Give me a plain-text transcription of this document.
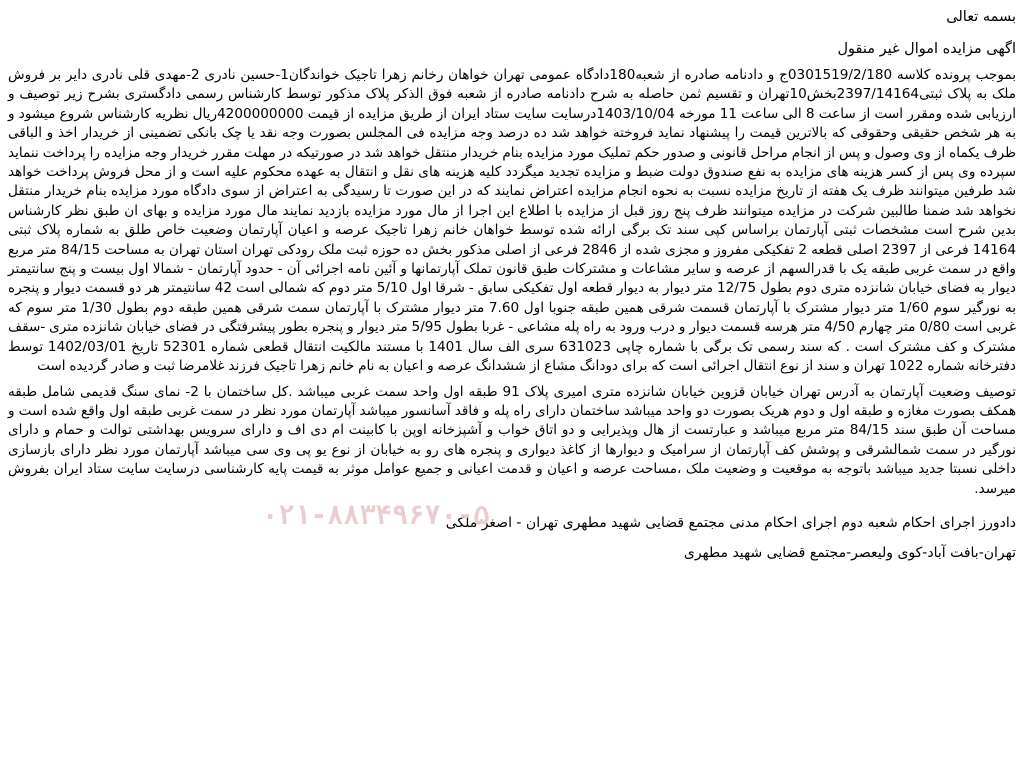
بسمه تعالی

اگهی مزایده اموال غیر منقول

بموجب پرونده کلاسه 0301519/2/180ج و دادنامه صادره از شعبه180دادگاه عمومی تهران خواهان رخانم زهرا تاجیک خواندگان1-حسین نادری 2-مهدی قلی نادری دایر بر فروش ملک به پلاک ثبتی2397/14164بخش10تهران و تقسیم ثمن حاصله به شرح دادنامه صادره از شعبه فوق الذکر پلاک مذکور توسط کارشناس رسمی دادگستری بشرح زیر توصیف و ارزیابی شده ومقرر است از ساعت 8 الی ساعت 11 مورخه 1403/10/04درسایت سایت ستاد ایران از طریق مزایده از قیمت 4200000000ریال نظریه کارشناس شروع میشود و به هر شخص حقیقی وحقوقی که بالاترین قیمت را پیشنهاد نماید فروخته خواهد شد ده درصد وجه مزایده فی المجلس بصورت وجه نقد یا چک بانکی تضمینی از خریدار اخذ و الباقی ظرف یکماه از وی وصول و پس از انجام مراحل قانونی و صدور حکم تملیک مورد مزایده بنام خریدار منتقل خواهد شد در صورتیکه در مهلت مقرر خریدار وجه مزایده را پرداخت ننماید سپرده وی پس از کسر هزینه های مزایده به نفع صندوق دولت ضبط و مزایده تجدید میگردد کلیه هزینه های نقل و انتقال به عهده محکوم علیه است و از محل فروش پرداخت خواهد شد طرفین میتوانند ظرف یک هفته از تاریخ مزایده نسبت به نحوه انجام مزایده اعتراض نمایند که در این صورت تا رسیدگی به اعتراض از سوی دادگاه مورد مزایده بنام خریدار منتقل نخواهد شد ضمنا طالبین شرکت در مزایده میتوانند ظرف پنج روز قبل از مزایده با اطلاع این اجرا از مال مورد مزایده بازدید نمایند مال مورد مزایده و بهای ان طبق نظر کارشناس بدین شرح است مشخصات ثبتی آپارتمان براساس کپی سند تک برگی ارائه شده توسط خواهان خانم زهرا تاجیک عرصه و اعیان آپارتمان وضعیت خاص طلق به شماره پلاک ثبتی 14164 فرعی از 2397 اصلی قطعه 2 تفکیکی مفروز و مجزی شده از 2846 فرعی از اصلی مذکور بخش ده حوزه ثبت ملک رودکی تهران استان تهران به مساحت 84/15 متر مربع واقع در سمت غربی طبقه یک با قدرالسهم از عرصه و سایر مشاعات و مشترکات طبق قانون تملک آپارتمانها و آئین نامه اجرائی آن - حدود آپارتمان - شمالا اول بیست و پنج سانتیمتر دیوار به فضای خیابان شانزده متری دوم بطول 12/75 متر دیوار به دیوار قطعه اول تفکیکی سابق - شرقا اول 5/10 متر دوم که شمالی است 42 سانتیمتر هر دو قسمت دیوار و پنجره به نورگیر سوم 1/60 متر دیوار مشترک با آپارتمان قسمت شرقی همین طبقه جنوبا اول 7.60 متر دیوار مشترک با آپارتمان سمت شرقی همین طبقه دوم بطول 1/30 متر سوم که غربی است 0/80 متر چهارم 4/50 متر هرسه قسمت دیوار و درب ورود به راه پله مشاعی - غربا بطول 5/95 متر دیوار و پنجره بطور پیشرفتگی در فضای خیابان شانزده متری -سقف مشترک و کف مشترک است . که سند رسمی تک برگی با شماره چاپی 631023 سری الف سال 1401 با مستند مالکیت انتقال قطعی شماره 52301 تاریخ 1402/03/01 توسط دفترخانه شماره 1022 تهران و سند از نوع انتقال اجرائی است که برای دودانگ مشاع از ششدانگ عرصه و اعیان به نام خانم زهرا تاجیک فرزند غلامرضا ثبت و صادر گردیده است

توصیف وضعیت آپارتمان به آدرس تهران خیابان قزوین خیابان شانزده متری امیری پلاک 91 طبقه اول واحد سمت غربی میباشد .کل ساختمان با 2- نمای سنگ قدیمی شامل طبقه همکف بصورت مغازه و طبقه اول و دوم هریک بصورت دو واحد میباشد ساختمان دارای راه پله و فاقد آسانسور میباشد آپارتمان مورد نظر در سمت غربی طبقه اول واقع شده است و مساحت آن طبق سند 84/15 متر مربع میباشد و عبارتست از هال وپذیرایی و دو اتاق خواب و آشپزخانه اوپن با کابینت ام دی اف و دارای سرویس بهداشتی توالت و حمام و دارای نورگیر در سمت شمالشرقی و پوشش کف آپارتمان از سرامیک و دیوارها از کاغذ دیواری و پنجره های رو به خیابان از نوع یو پی وی سی میباشد آپارتمان مورد نظر دارای بازسازی داخلی نسبتا جدید میباشد باتوجه به موقعیت و وضعیت ملک ،مساحت عرصه و اعیان و قدمت اعیانی و جمیع عوامل موثر به قیمت پایه کارشناسی درسایت سایت ستاد ایران بفروش میرسد.

دادورز اجرای احکام شعبه دوم اجرای احکام مدنی مجتمع قضایی شهید مطهری تهران - اصغر ملکی

تهران-بافت آباد-کوی ولیعصر-مجتمع قضایی شهید مطهری

۰۲۱-۸۸۳۴۹۶۷۰-۵
